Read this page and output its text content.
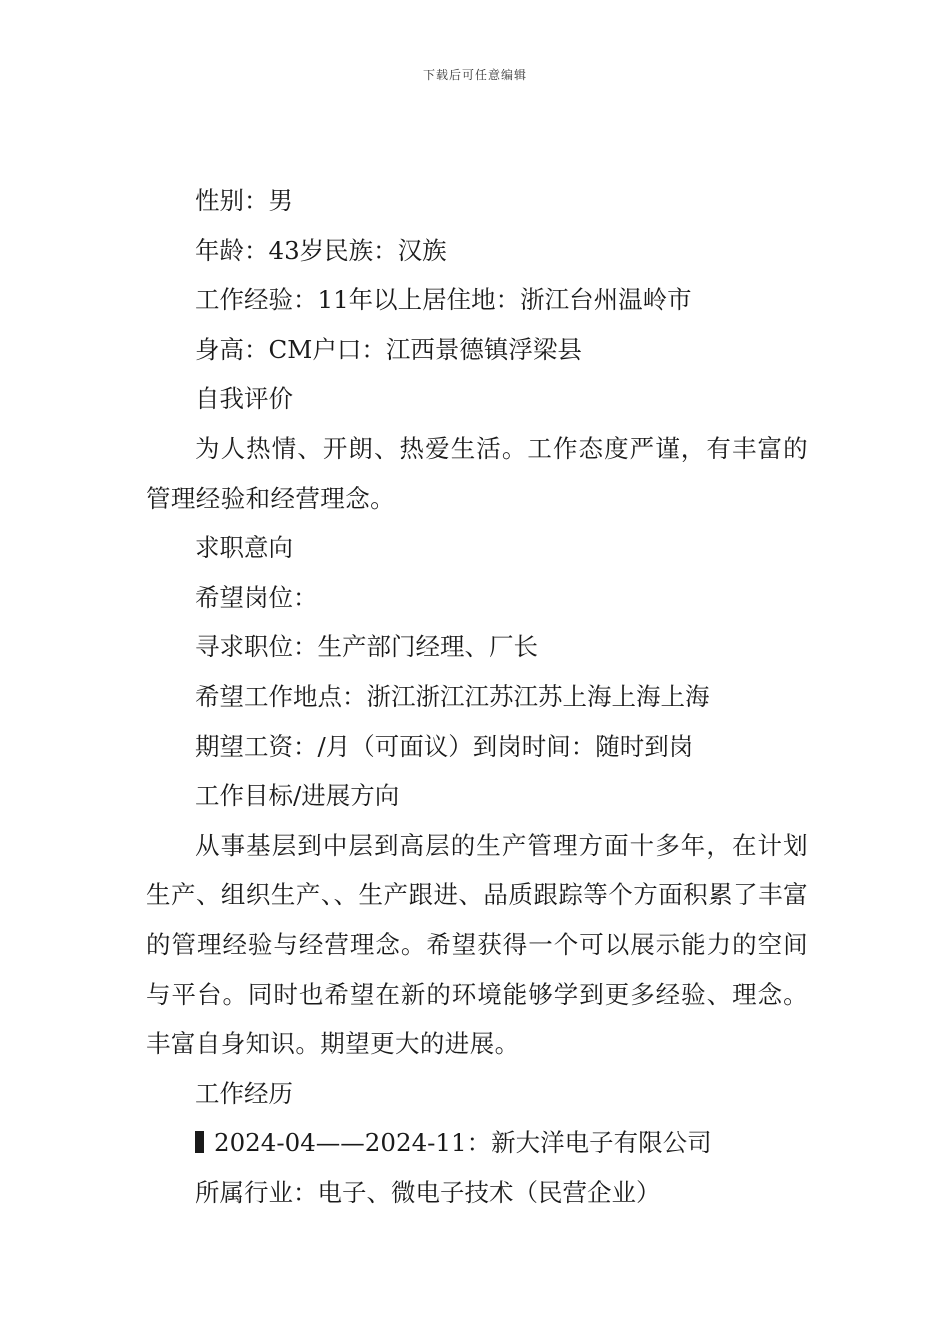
下载后可任意编辑

性别：男

年龄：43岁民族：汉族

工作经验：11年以上居住地：浙江台州温岭市

身高：CM户口：江西景德镇浮梁县

自我评价

为人热情、开朗、热爱生活。工作态度严谨，有丰富的管理经验和经营理念。

求职意向

希望岗位：

寻求职位：生产部门经理、厂长

希望工作地点：浙江浙江江苏江苏上海上海上海

期望工资：/月（可面议）到岗时间：随时到岗

工作目标/进展方向

从事基层到中层到高层的生产管理方面十多年，在计划生产、组织生产、、生产跟进、品质跟踪等个方面积累了丰富的管理经验与经营理念。希望获得一个可以展示能力的空间与平台。同时也希望在新的环境能够学到更多经验、理念。丰富自身知识。期望更大的进展。

工作经历

2024-04——2024-11：新大洋电子有限公司

所属行业：电子、微电子技术（民营企业）
